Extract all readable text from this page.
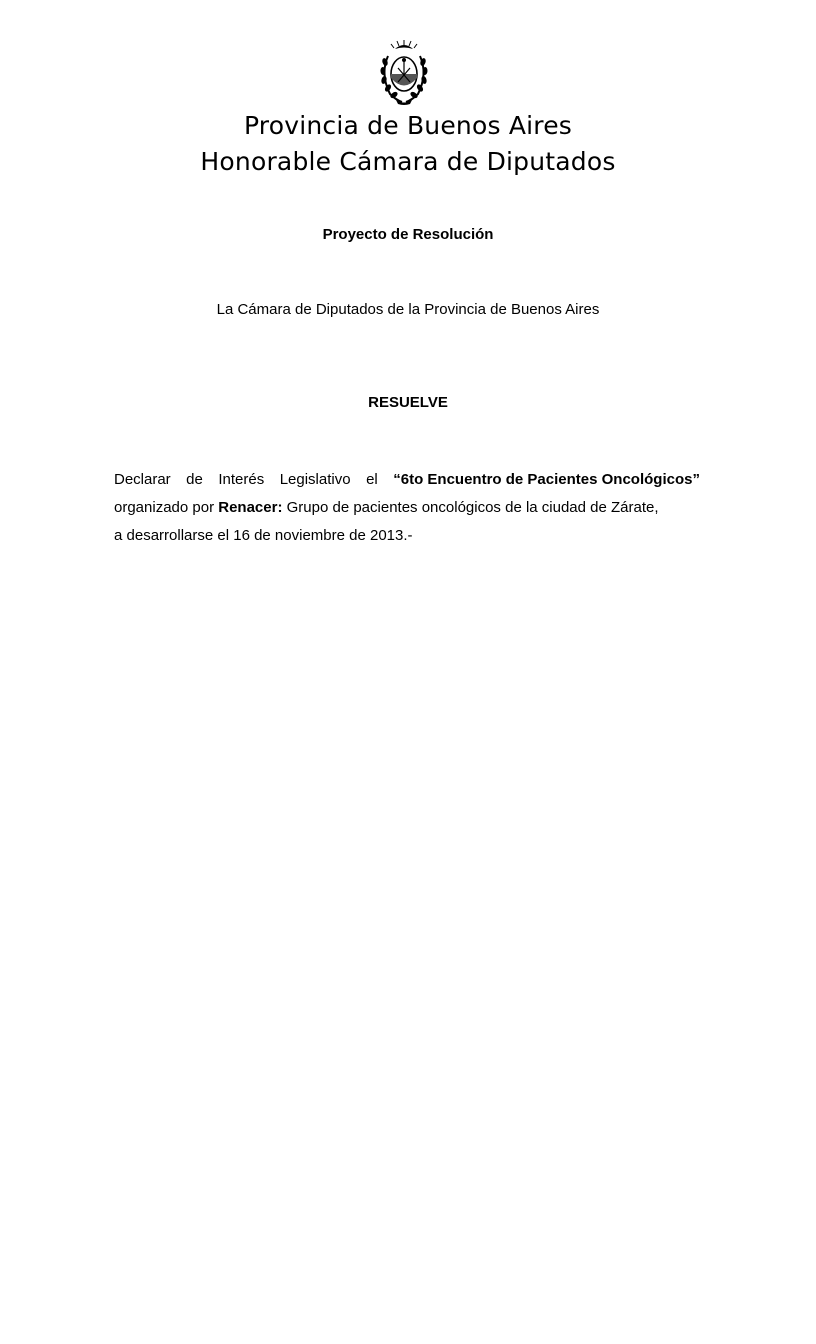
Provincia de Buenos Aires
Honorable Cámara de Diputados
Proyecto de Resolución
La Cámara de Diputados de la Provincia de Buenos Aires
RESUELVE
Declarar de Interés Legislativo el “6to Encuentro de Pacientes Oncológicos”
organizado por Renacer: Grupo de pacientes oncológicos de la ciudad de Zárate,
a desarrollarse el 16 de noviembre de 2013.-
